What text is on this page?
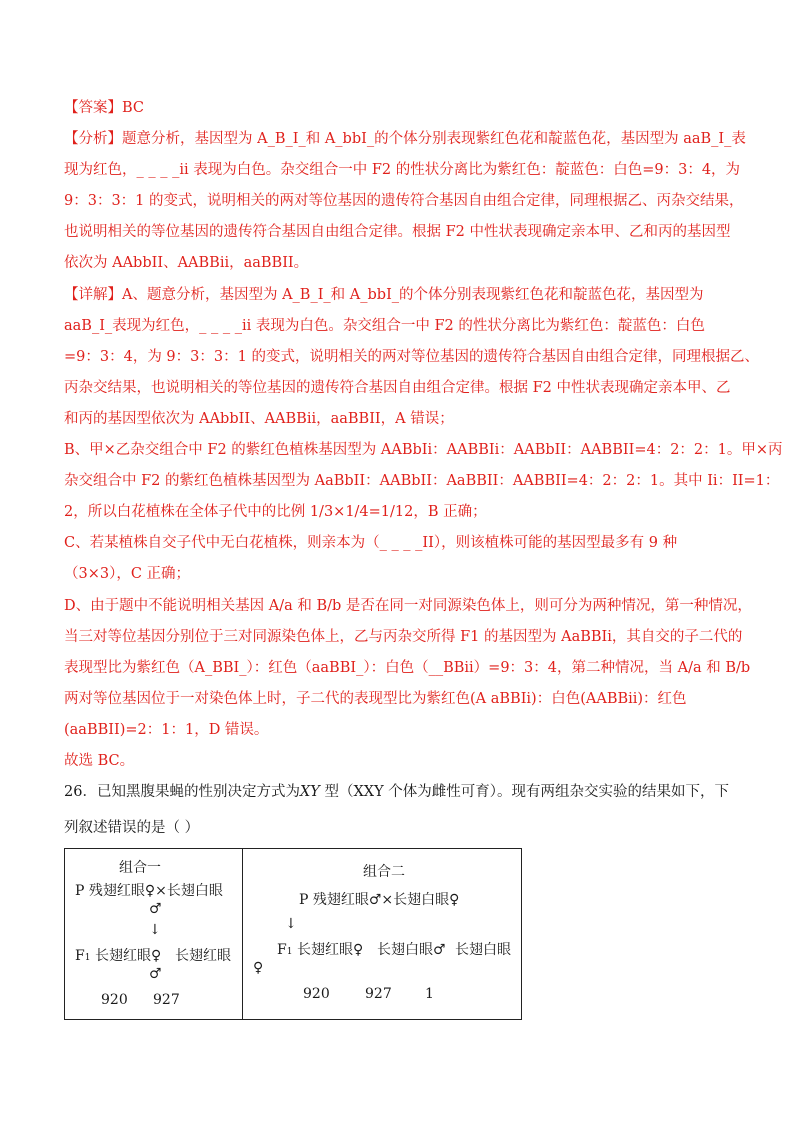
【答案】BC
【分析】题意分析，基因型为 A_B_I_和 A_bbI_的个体分别表现紫红色花和靛蓝色花，基因型为 aaB_I_表
现为红色，_ _ _ _ii 表现为白色。杂交组合一中 F2 的性状分离比为紫红色：靛蓝色：白色=9：3：4，为
9：3：3：1 的变式，说明相关的两对等位基因的遗传符合基因自由组合定律，同理根据乙、丙杂交结果，
也说明相关的等位基因的遗传符合基因自由组合定律。根据 F2 中性状表现确定亲本甲、乙和丙的基因型
依次为 AAbbII、AABBii，aaBBII。
【详解】A、题意分析，基因型为 A_B_I_和 A_bbI_的个体分别表现紫红色花和靛蓝色花，基因型为
aaB_I_表现为红色，_ _ _ _ii 表现为白色。杂交组合一中 F2 的性状分离比为紫红色：靛蓝色：白色
=9：3：4，为 9：3：3：1 的变式，说明相关的两对等位基因的遗传符合基因自由组合定律，同理根据乙、
丙杂交结果，也说明相关的等位基因的遗传符合基因自由组合定律。根据 F2 中性状表现确定亲本甲、乙
和丙的基因型依次为 AAbbII、AABBii，aaBBII，A 错误；
B、甲×乙杂交组合中 F2 的紫红色植株基因型为 AABbIi：AABBIi：AABbII：AABBII=4：2：2：1。甲×丙
杂交组合中 F2 的紫红色植株基因型为 AaBbII：AABbII：AaBBII：AABBII=4：2：2：1。其中 Ii：II=1：
2，所以白花植株在全体子代中的比例 1/3×1/4=1/12，B 正确；
C、若某植株自交子代中无白花植株，则亲本为（_ _ _ _II），则该植株可能的基因型最多有 9 种
（3×3），C 正确；
D、由于题中不能说明相关基因 A/a 和 B/b 是否在同一对同源染色体上，则可分为两种情况，第一种情况，
当三对等位基因分别位于三对同源染色体上，乙与丙杂交所得 F1 的基因型为 AaBBIi，其自交的子二代的
表现型比为紫红色（A_BBI_）：红色（aaBBI_）：白色（__BBii）=9：3：4，第二种情况，当 A/a 和 B/b
两对等位基因位于一对染色体上时，子二代的表现型比为紫红色(A aBBIi)：白色(AABBii)：红色
(aaBBII)=2：1：1，D 错误。
故选 BC。
26．已知黑腹果蝇的性别决定方式为XY 型（XXY 个体为雌性可育）。现有两组杂交实验的结果如下，下
列叙述错误的是（ ）
组合一
P 残翅红眼♀×长翅白眼
♂
↓
F1 长翅红眼♀ 长翅红眼
♂
920 927

组合二
P 残翅红眼♂×长翅白眼♀
↓
F1 长翅红眼♀ 长翅白眼♂ 长翅白眼
♀
920	927 1
